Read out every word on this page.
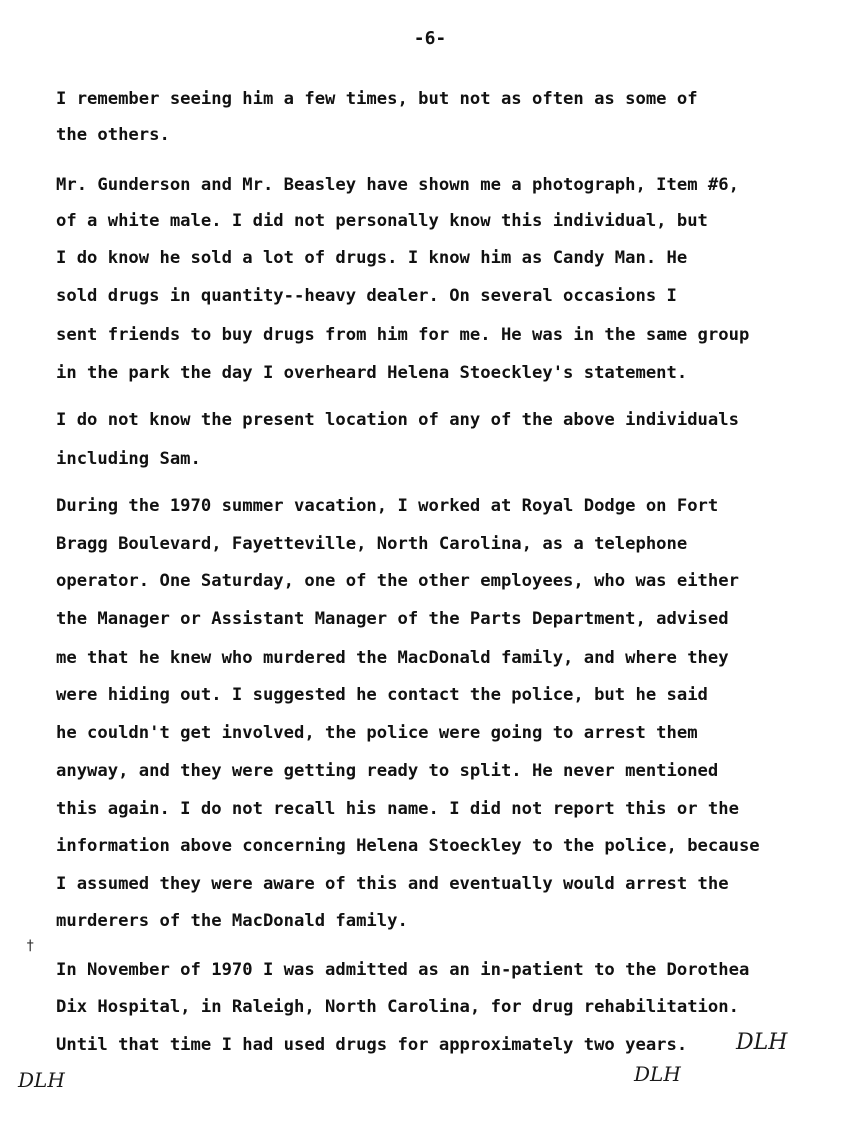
-6-
I remember seeing him a few times, but not as often as some of
the others.
Mr. Gunderson and Mr. Beasley have shown me a photograph, Item #6,
of a white male. I did not personally know this individual, but
I do know he sold a lot of drugs. I know him as Candy Man. He
sold drugs in quantity--heavy dealer. On several occasions I
sent friends to buy drugs from him for me. He was in the same group
in the park the day I overheard Helena Stoeckley's statement.
I do not know the present location of any of the above individuals
including Sam.
During the 1970 summer vacation, I worked at Royal Dodge on Fort
Bragg Boulevard, Fayetteville, North Carolina, as a telephone
operator. One Saturday, one of the other employees, who was either
the Manager or Assistant Manager of the Parts Department, advised
me that he knew who murdered the MacDonald family, and where they
were hiding out. I suggested he contact the police, but he said
he couldn't get involved, the police were going to arrest them
anyway, and they were getting ready to split. He never mentioned
this again. I do not recall his name. I did not report this or the
information above concerning Helena Stoeckley to the police, because
I assumed they were aware of this and eventually would arrest the
murderers of the MacDonald family.
†
In November of 1970 I was admitted as an in-patient to the Dorothea
Dix Hospital, in Raleigh, North Carolina, for drug rehabilitation.
Until that time I had used drugs for approximately two years. DLH
DLH	DLH
